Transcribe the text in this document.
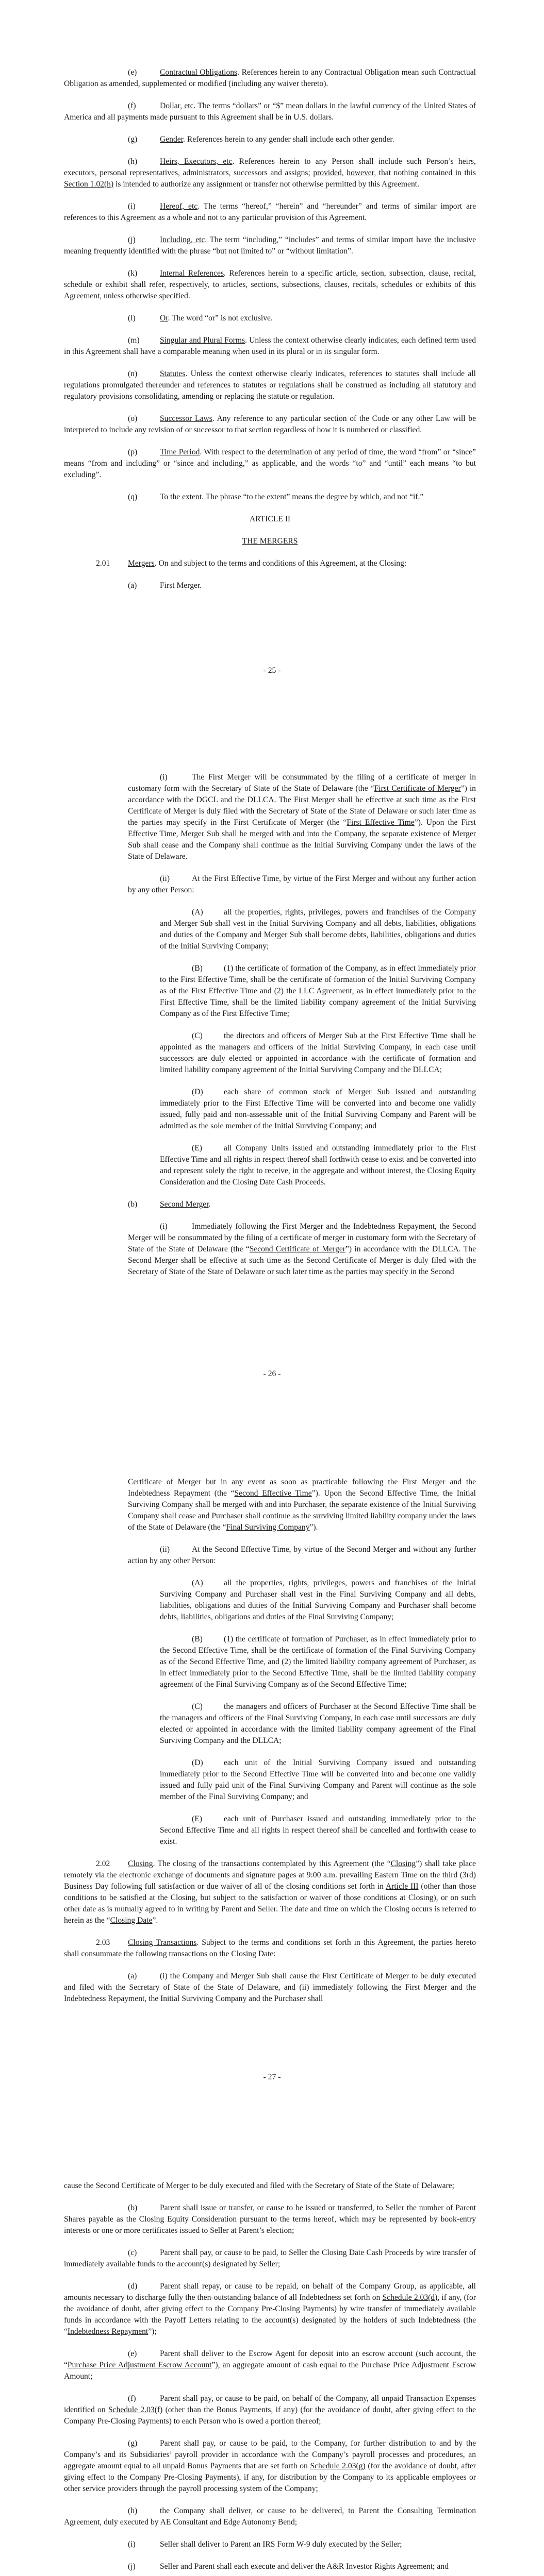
(e)	Contractual Obligations. References herein to any Contractual Obligation mean such Contractual Obligation as amended, supplemented or modified (including any waiver thereto).

(f)	Dollar, etc. The terms “dollars” or “$” mean dollars in the lawful currency of the United States of America and all payments made pursuant to this Agreement shall be in U.S. dollars.

(g)	Gender. References herein to any gender shall include each other gender.

(h)	Heirs, Executors, etc. References herein to any Person shall include such Person’s heirs, executors, personal representatives, administrators, successors and assigns; provided, however, that nothing contained in this Section 1.02(h) is intended to authorize any assignment or transfer not otherwise permitted by this Agreement.

(i)	Hereof, etc. The terms “hereof,” “herein” and “hereunder” and terms of similar import are references to this Agreement as a whole and not to any particular provision of this Agreement.

(j)	Including, etc. The term “including,” “includes” and terms of similar import have the inclusive meaning frequently identified with the phrase “but not limited to” or “without limitation”.

(k)	Internal References. References herein to a specific article, section, subsection, clause, recital, schedule or exhibit shall refer, respectively, to articles, sections, subsections, clauses, recitals, schedules or exhibits of this Agreement, unless otherwise specified.

(l)	Or. The word “or” is not exclusive.

(m)	Singular and Plural Forms. Unless the context otherwise clearly indicates, each defined term used in this Agreement shall have a comparable meaning when used in its plural or in its singular form.

(n)	Statutes. Unless the context otherwise clearly indicates, references to statutes shall include all regulations promulgated thereunder and references to statutes or regulations shall be construed as including all statutory and regulatory provisions consolidating, amending or replacing the statute or regulation.

(o)	Successor Laws. Any reference to any particular section of the Code or any other Law will be interpreted to include any revision of or successor to that section regardless of how it is numbered or classified.

(p)	Time Period. With respect to the determination of any period of time, the word “from” or “since” means “from and including” or “since and including,” as applicable, and the words “to” and “until” each means “to but excluding”.

(q)	To the extent. The phrase “to the extent” means the degree by which, and not “if.”

ARTICLE II

THE MERGERS

2.01 Mergers. On and subject to the terms and conditions of this Agreement, at the Closing:

(a)	First Merger.

- 25 -

(i)	The First Merger will be consummated by the filing of a certificate of merger in customary form with the Secretary of State of the State of Delaware (the “First Certificate of Merger”) in accordance with the DGCL and the DLLCA. The First Merger shall be effective at such time as the First Certificate of Merger is duly filed with the Secretary of State of the State of Delaware or such later time as the parties may specify in the First Certificate of Merger (the “First Effective Time”). Upon the First Effective Time, Merger Sub shall be merged with and into the Company, the separate existence of Merger Sub shall cease and the Company shall continue as the Initial Surviving Company under the laws of the State of Delaware.

(ii)	At the First Effective Time, by virtue of the First Merger and without any further action by any other Person:

(A)	all the properties, rights, privileges, powers and franchises of the Company and Merger Sub shall vest in the Initial Surviving Company and all debts, liabilities, obligations and duties of the Company and Merger Sub shall become debts, liabilities, obligations and duties of the Initial Surviving Company;

(B)	(1) the certificate of formation of the Company, as in effect immediately prior to the First Effective Time, shall be the certificate of formation of the Initial Surviving Company as of the First Effective Time and (2) the LLC Agreement, as in effect immediately prior to the First Effective Time, shall be the limited liability company agreement of the Initial Surviving Company as of the First Effective Time;

(C)	the directors and officers of Merger Sub at the First Effective Time shall be appointed as the managers and officers of the Initial Surviving Company, in each case until successors are duly elected or appointed in accordance with the certificate of formation and limited liability company agreement of the Initial Surviving Company and the DLLCA;

(D)	each share of common stock of Merger Sub issued and outstanding immediately prior to the First Effective Time will be converted into and become one validly issued, fully paid and non-assessable unit of the Initial Surviving Company and Parent will be admitted as the sole member of the Initial Surviving Company; and

(E)	all Company Units issued and outstanding immediately prior to the First Effective Time and all rights in respect thereof shall forthwith cease to exist and be converted into and represent solely the right to receive, in the aggregate and without interest, the Closing Equity Consideration and the Closing Date Cash Proceeds.

(b)	Second Merger.

(i)	Immediately following the First Merger and the Indebtedness Repayment, the Second Merger will be consummated by the filing of a certificate of merger in customary form with the Secretary of State of the State of Delaware (the “Second Certificate of Merger”) in accordance with the DLLCA. The Second Merger shall be effective at such time as the Second Certificate of Merger is duly filed with the Secretary of State of the State of Delaware or such later time as the parties may specify in the Second

- 26 -

Certificate of Merger but in any event as soon as practicable following the First Merger and the Indebtedness Repayment (the “Second Effective Time”). Upon the Second Effective Time, the Initial Surviving Company shall be merged with and into Purchaser, the separate existence of the Initial Surviving Company shall cease and Purchaser shall continue as the surviving limited liability company under the laws of the State of Delaware (the “Final Surviving Company”).

(ii)	At the Second Effective Time, by virtue of the Second Merger and without any further action by any other Person:

(A)	all the properties, rights, privileges, powers and franchises of the Initial Surviving Company and Purchaser shall vest in the Final Surviving Company and all debts, liabilities, obligations and duties of the Initial Surviving Company and Purchaser shall become debts, liabilities, obligations and duties of the Final Surviving Company;

(B)	(1) the certificate of formation of Purchaser, as in effect immediately prior to the Second Effective Time, shall be the certificate of formation of the Final Surviving Company as of the Second Effective Time, and (2) the limited liability company agreement of Purchaser, as in effect immediately prior to the Second Effective Time, shall be the limited liability company agreement of the Final Surviving Company as of the Second Effective Time;

(C)	the managers and officers of Purchaser at the Second Effective Time shall be the managers and officers of the Final Surviving Company, in each case until successors are duly elected or appointed in accordance with the limited liability company agreement of the Final Surviving Company and the DLLCA;

(D)	each unit of the Initial Surviving Company issued and outstanding immediately prior to the Second Effective Time will be converted into and become one validly issued and fully paid unit of the Final Surviving Company and Parent will continue as the sole member of the Final Surviving Company; and

(E)	each unit of Purchaser issued and outstanding immediately prior to the Second Effective Time and all rights in respect thereof shall be cancelled and forthwith cease to exist.

2.02 Closing. The closing of the transactions contemplated by this Agreement (the “Closing”) shall take place remotely via the electronic exchange of documents and signature pages at 9:00 a.m. prevailing Eastern Time on the third (3rd) Business Day following full satisfaction or due waiver of all of the closing conditions set forth in Article III (other than those conditions to be satisfied at the Closing, but subject to the satisfaction or waiver of those conditions at Closing), or on such other date as is mutually agreed to in writing by Parent and Seller. The date and time on which the Closing occurs is referred to herein as the “Closing Date”.

2.03 Closing Transactions. Subject to the terms and conditions set forth in this Agreement, the parties hereto shall consummate the following transactions on the Closing Date:

(a)	(i) the Company and Merger Sub shall cause the First Certificate of Merger to be duly executed and filed with the Secretary of State of the State of Delaware, and (ii) immediately following the First Merger and the Indebtedness Repayment, the Initial Surviving Company and the Purchaser shall

- 27 -

cause the Second Certificate of Merger to be duly executed and filed with the Secretary of State of the State of Delaware;

(b)	Parent shall issue or transfer, or cause to be issued or transferred, to Seller the number of Parent Shares payable as the Closing Equity Consideration pursuant to the terms hereof, which may be represented by book-entry interests or one or more certificates issued to Seller at Parent’s election;

(c)	Parent shall pay, or cause to be paid, to Seller the Closing Date Cash Proceeds by wire transfer of immediately available funds to the account(s) designated by Seller;

(d)	Parent shall repay, or cause to be repaid, on behalf of the Company Group, as applicable, all amounts necessary to discharge fully the then-outstanding balance of all Indebtedness set forth on Schedule 2.03(d), if any, (for the avoidance of doubt, after giving effect to the Company Pre-Closing Payments) by wire transfer of immediately available funds in accordance with the Payoff Letters relating to the account(s) designated by the holders of such Indebtedness (the “Indebtedness Repayment”);

(e)	Parent shall deliver to the Escrow Agent for deposit into an escrow account (such account, the “Purchase Price Adjustment Escrow Account”), an aggregate amount of cash equal to the Purchase Price Adjustment Escrow Amount;

(f)	Parent shall pay, or cause to be paid, on behalf of the Company, all unpaid Transaction Expenses identified on Schedule 2.03(f) (other than the Bonus Payments, if any) (for the avoidance of doubt, after giving effect to the Company Pre-Closing Payments) to each Person who is owed a portion thereof;

(g)	Parent shall pay, or cause to be paid, to the Company, for further distribution to and by the Company’s and its Subsidiaries’ payroll provider in accordance with the Company’s payroll processes and procedures, an aggregate amount equal to all unpaid Bonus Payments that are set forth on Schedule 2.03(g) (for the avoidance of doubt, after giving effect to the Company Pre-Closing Payments), if any, for distribution by the Company to its applicable employees or other service providers through the payroll processing system of the Company;

(h)	the Company shall deliver, or cause to be delivered, to Parent the Consulting Termination Agreement, duly executed by AE Consultant and Edge Autonomy Bend;

(i)	Seller shall deliver to Parent an IRS Form W-9 duly executed by the Seller;

(j)	Seller and Parent shall each execute and deliver the A&R Investor Rights Agreement; and
